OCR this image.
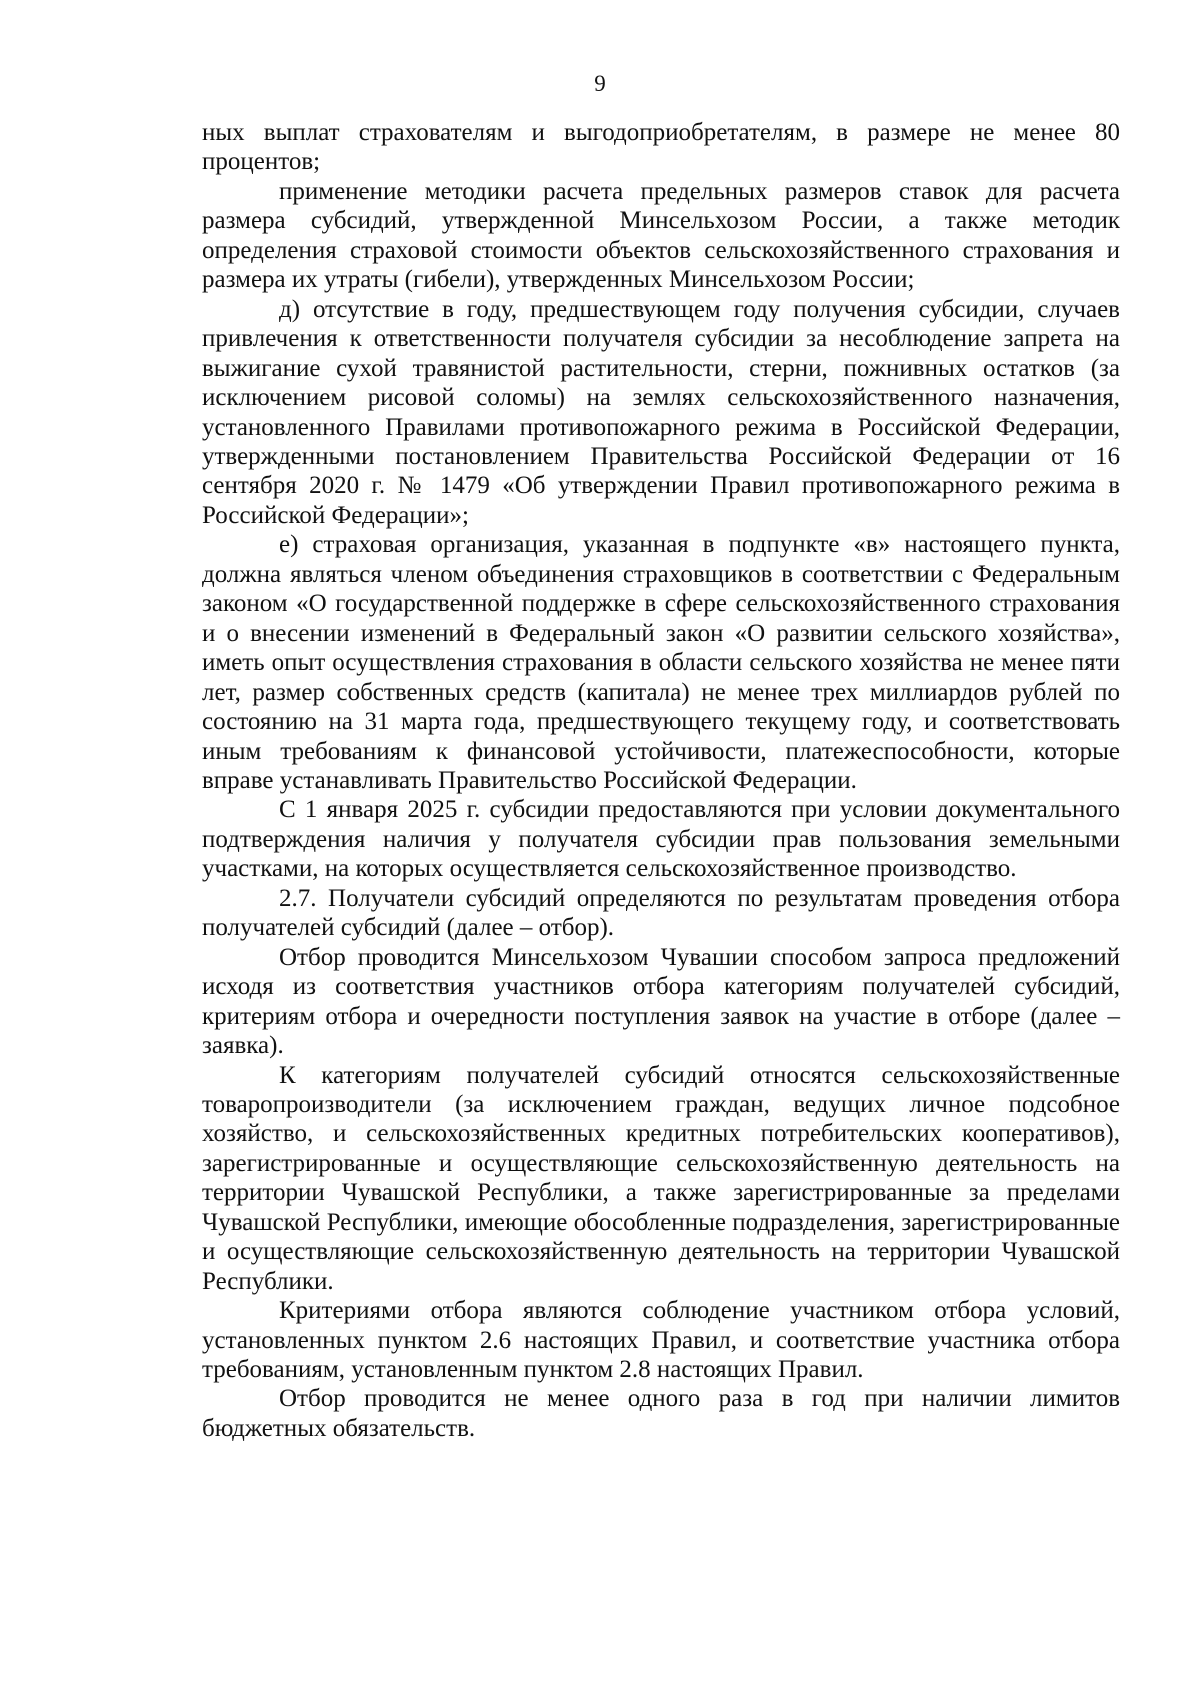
9

ных выплат страхователям и выгодоприобретателям, в размере не менее 80 процентов;

применение методики расчета предельных размеров ставок для расчета размера субсидий, утвержденной Минсельхозом России, а также методик определения страховой стоимости объектов сельскохозяйственного страхования и размера их утраты (гибели), утвержденных Минсельхозом России;

д) отсутствие в году, предшествующем году получения субсидии, случаев привлечения к ответственности получателя субсидии за несоблюдение запрета на выжигание сухой травянистой растительности, стерни, пожнивных остатков (за исключением рисовой соломы) на землях сельскохозяйственного назначения, установленного Правилами противопожарного режима в Российской Федерации, утвержденными постановлением Правительства Российской Федерации от 16 сентября 2020 г. № 1479 «Об утверждении Правил противопожарного режима в Российской Федерации»;

е) страховая организация, указанная в подпункте «в» настоящего пункта, должна являться членом объединения страховщиков в соответствии с Федеральным законом «О государственной поддержке в сфере сельскохозяйственного страхования и о внесении изменений в Федеральный закон «О развитии сельского хозяйства», иметь опыт осуществления страхования в области сельского хозяйства не менее пяти лет, размер собственных средств (капитала) не менее трех миллиардов рублей по состоянию на 31 марта года, предшествующего текущему году, и соответствовать иным требованиям к финансовой устойчивости, платежеспособности, которые вправе устанавливать Правительство Российской Федерации.

С 1 января 2025 г. субсидии предоставляются при условии документального подтверждения наличия у получателя субсидии прав пользования земельными участками, на которых осуществляется сельскохозяйственное производство.

2.7. Получатели субсидий определяются по результатам проведения отбора получателей субсидий (далее – отбор).

Отбор проводится Минсельхозом Чувашии способом запроса предложений исходя из соответствия участников отбора категориям получателей субсидий, критериям отбора и очередности поступления заявок на участие в отборе (далее – заявка).

К категориям получателей субсидий относятся сельскохозяйственные товаропроизводители (за исключением граждан, ведущих личное подсобное хозяйство, и сельскохозяйственных кредитных потребительских кооперативов), зарегистрированные и осуществляющие сельскохозяйственную деятельность на территории Чувашской Республики, а также зарегистрированные за пределами Чувашской Республики, имеющие обособленные подразделения, зарегистрированные и осуществляющие сельскохозяйственную деятельность на территории Чувашской Республики.

Критериями отбора являются соблюдение участником отбора условий, установленных пунктом 2.6 настоящих Правил, и соответствие участника отбора требованиям, установленным пунктом 2.8 настоящих Правил.

Отбор проводится не менее одного раза в год при наличии лимитов бюджетных обязательств.
